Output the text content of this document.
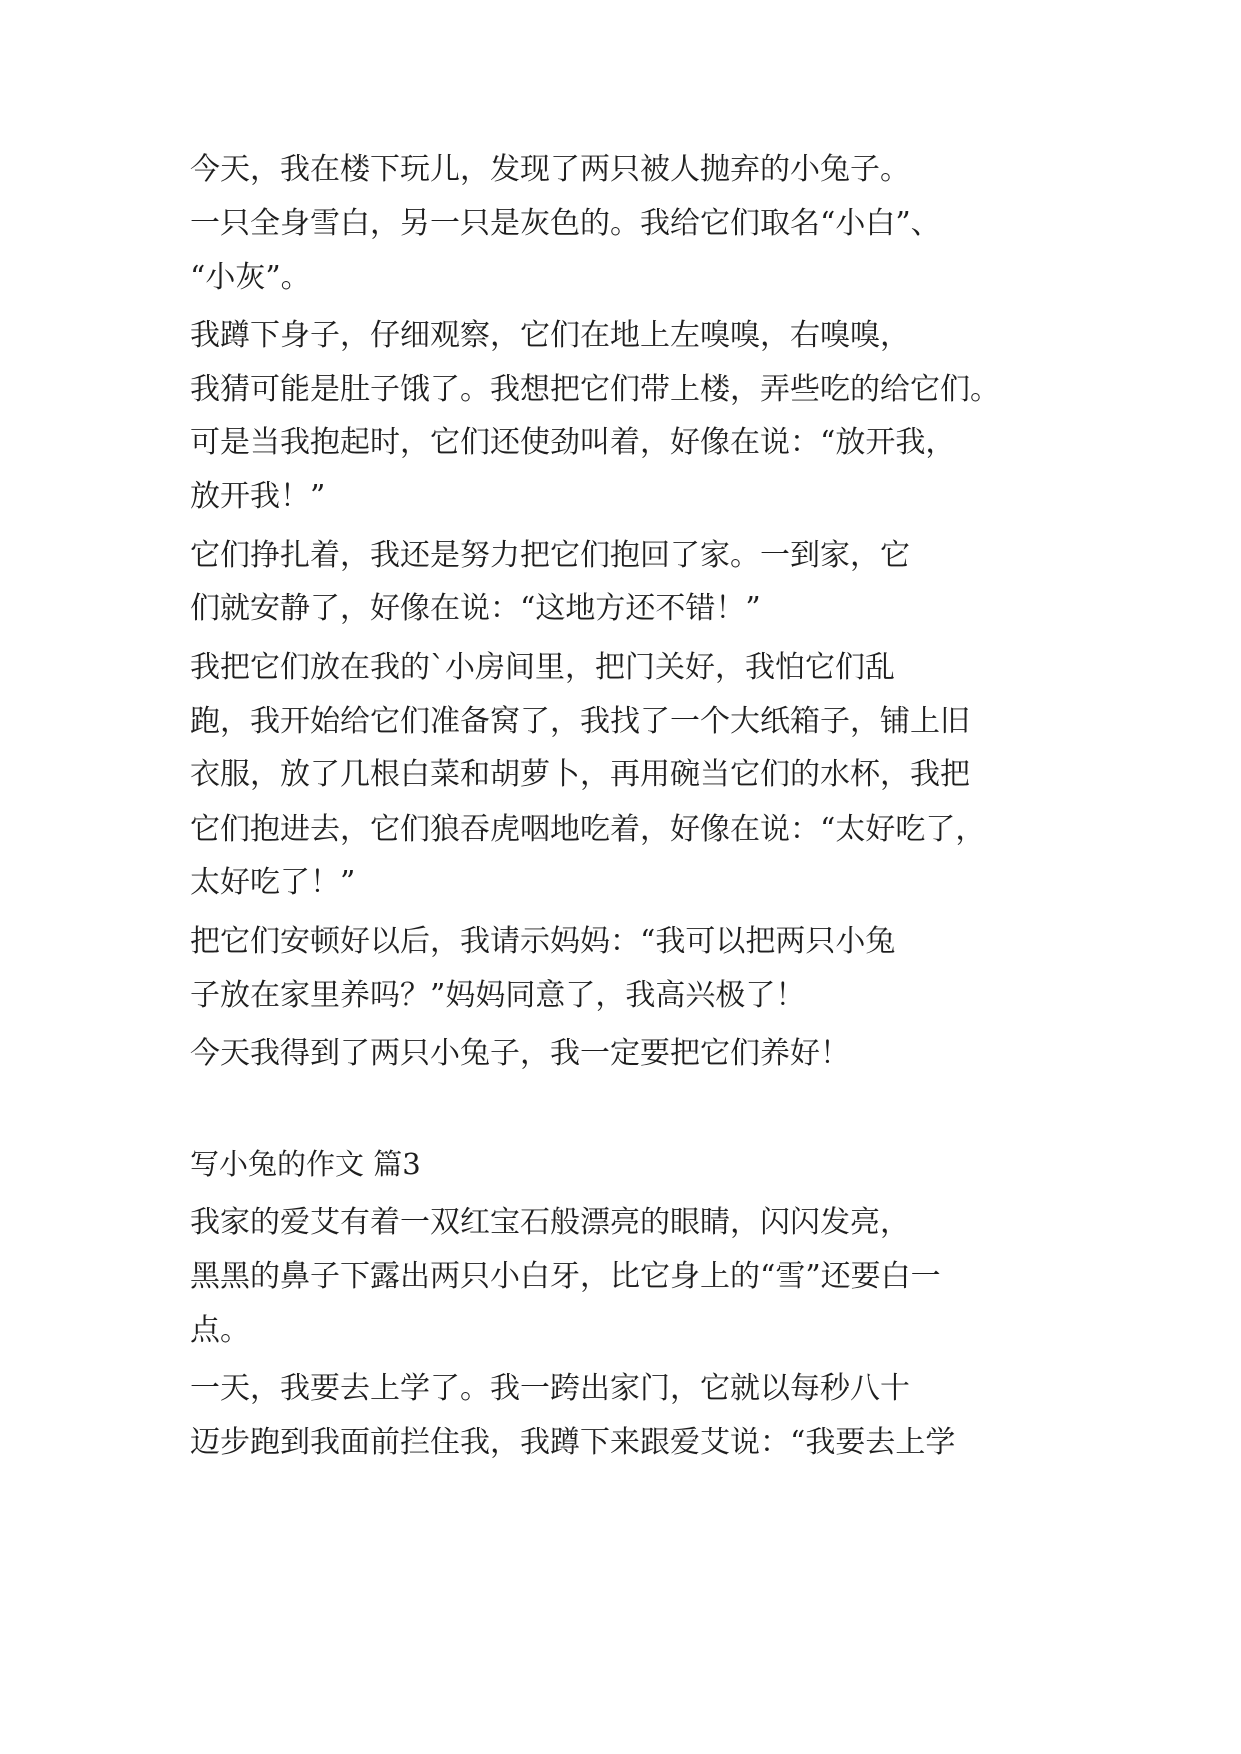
今天，我在楼下玩儿，发现了两只被人抛弃的小兔子。
一只全身雪白，另一只是灰色的。我给它们取名“小白”、
“小灰”。
我蹲下身子，仔细观察，它们在地上左嗅嗅，右嗅嗅，
我猜可能是肚子饿了。我想把它们带上楼，弄些吃的给它们。
可是当我抱起时，它们还使劲叫着，好像在说：“放开我，
放开我！”
它们挣扎着，我还是努力把它们抱回了家。一到家，它
们就安静了，好像在说：“这地方还不错！”
我把它们放在我的`小房间里，把门关好，我怕它们乱
跑，我开始给它们准备窝了，我找了一个大纸箱子，铺上旧
衣服，放了几根白菜和胡萝卜，再用碗当它们的水杯，我把
它们抱进去，它们狼吞虎咽地吃着，好像在说：“太好吃了，
太好吃了！”
把它们安顿好以后，我请示妈妈：“我可以把两只小兔
子放在家里养吗？”妈妈同意了，我高兴极了！
今天我得到了两只小兔子，我一定要把它们养好！
写小兔的作文 篇3
我家的爱艾有着一双红宝石般漂亮的眼睛，闪闪发亮，
黑黑的鼻子下露出两只小白牙，比它身上的“雪”还要白一
点。
一天，我要去上学了。我一跨出家门，它就以每秒八十
迈步跑到我面前拦住我，我蹲下来跟爱艾说：“我要去上学
